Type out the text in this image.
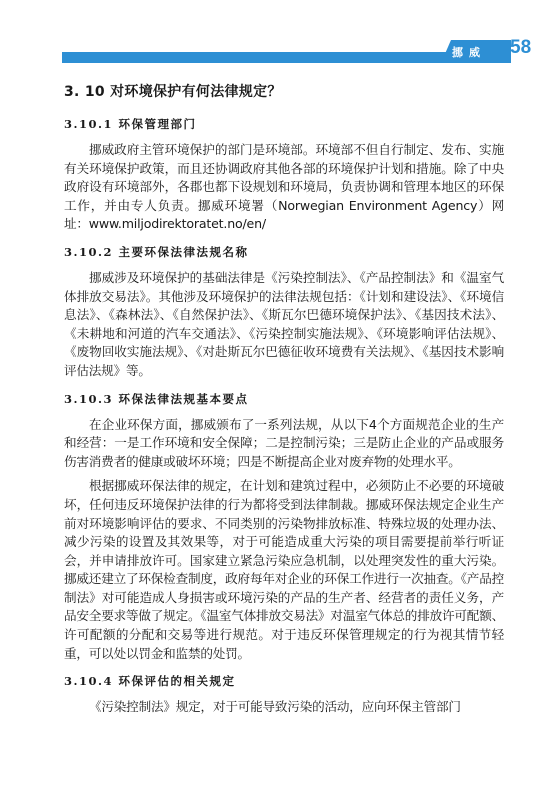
挪威 58
3. 10 对环境保护有何法律规定？
3.10.1 环保管理部门

挪威政府主管环境保护的部门是环境部。环境部不但自行制定、发布、实施有关环境保护政策，而且还协调政府其他各部的环境保护计划和措施。除了中央政府设有环境部外，各郡也都下设规划和环境局，负责协调和管理本地区的环保工作，并由专人负责。挪威环境署（Norwegian Environment Agency）网址：www.miljodirektoratet.no/en/

3.10.2 主要环保法律法规名称

挪威涉及环境保护的基础法律是《污染控制法》、《产品控制法》和《温室气体排放交易法》。其他涉及环境保护的法律法规包括：《计划和建设法》、《环境信息法》、《森林法》、《自然保护法》、《斯瓦尔巴德环境保护法》、《基因技术法》、《未耕地和河道的汽车交通法》、《污染控制实施法规》、《环境影响评估法规》、《废物回收实施法规》、《对赴斯瓦尔巴德征收环境费有关法规》、《基因技术影响评估法规》等。

3.10.3 环保法律法规基本要点

在企业环保方面，挪威颁布了一系列法规，从以下4个方面规范企业的生产和经营：一是工作环境和安全保障；二是控制污染；三是防止企业的产品或服务伤害消费者的健康或破坏环境；四是不断提高企业对废弃物的处理水平。

根据挪威环保法律的规定，在计划和建筑过程中，必须防止不必要的环境破坏，任何违反环境保护法律的行为都将受到法律制裁。挪威环保法规定企业生产前对环境影响评估的要求、不同类别的污染物排放标准、特殊垃圾的处理办法、减少污染的设置及其效果等，对于可能造成重大污染的项目需要提前举行听证会，并申请排放许可。国家建立紧急污染应急机制，以处理突发性的重大污染。挪威还建立了环保检查制度，政府每年对企业的环保工作进行一次抽查。《产品控制法》对可能造成人身损害或环境污染的产品的生产者、经营者的责任义务，产品安全要求等做了规定。《温室气体排放交易法》对温室气体总的排放许可配额、许可配额的分配和交易等进行规范。对于违反环保管理规定的行为视其情节轻重，可以处以罚金和监禁的处罚。

3.10.4 环保评估的相关规定

《污染控制法》规定，对于可能导致污染的活动，应向环保主管部门
